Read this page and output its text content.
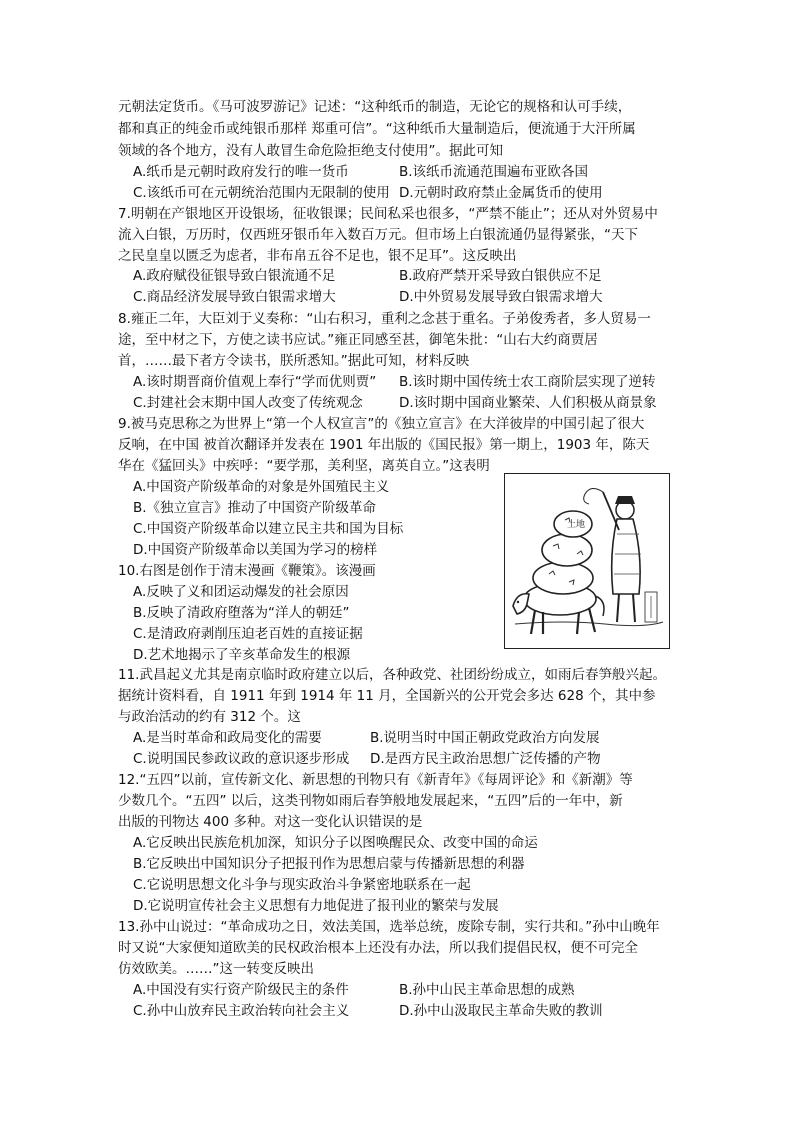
元朝法定货币。《马可波罗游记》记述：“这种纸币的制造，无论它的规格和认可手续，
都和真正的纯金币或纯银币那样 郑重可信”。“这种纸币大量制造后，便流通于大汗所属
领域的各个地方，没有人敢冒生命危险拒绝支付使用”。据此可知
A.纸币是元朝时政府发行的唯一货币	B.该纸币流通范围遍布亚欧各国
C.该纸币可在元朝统治范围内无限制的使用 D.元朝时政府禁止金属货币的使用
7.明朝在产银地区开设银场，征收银课；民间私采也很多，“严禁不能止”；还从对外贸易中
流入白银，万历时，仅西班牙银币年入数百万元。但市场上白银流通仍显得紧张，“天下
之民皇皇以匮乏为虑者，非布帛五谷不足也，银不足耳”。这反映出
A.政府赋役征银导致白银流通不足	B.政府严禁开采导致白银供应不足
C.商品经济发展导致白银需求增大	D.中外贸易发展导致白银需求增大
8.雍正二年，大臣刘于义奏称：“山右积习，重利之念甚于重名。子弟俊秀者，多人贸易一
途，至中材之下，方使之读书应试。”雍正同感至甚，御笔朱批：“山右大约商贾居
首，……最下者方令读书，朕所悉知。”据此可知，材料反映
A.该时期晋商价值观上奉行“学而优则贾” B.该时期中国传统士农工商阶层实现了逆转
C.封建社会末期中国人改变了传统观念	D.该时期中国商业繁荣、人们积极从商景象
9.被马克思称之为世界上“第一个人权宣言”的《独立宣言》在大洋彼岸的中国引起了很大
反响，在中国 被首次翻译并发表在 1901 年出版的《国民报》第一期上，1903 年，陈天
华在《猛回头》中疾呼：“要学那，美利坚，离英自立。”这表明
A.中国资产阶级革命的对象是外国殖民主义
B.《独立宣言》推动了中国资产阶级革命
C.中国资产阶级革命以建立民主共和国为目标
D.中国资产阶级革命以美国为学习的榜样
10.右图是创作于清末漫画《鞭策》。该漫画
A.反映了义和团运动爆发的社会原因
B.反映了清政府堕落为“洋人的朝廷”
C.是清政府剥削压迫老百姓的直接证据
D.艺术地揭示了辛亥革命发生的根源
土地
11.武昌起义尤其是南京临时政府建立以后，各种政党、社团纷纷成立，如雨后春笋般兴起。
据统计资料看，自 1911 年到 1914 年 11 月，全国新兴的公开党会多达 628 个，其中参
与政治活动的约有 312 个。这
A.是当时革命和政局变化的需要	B.说明当时中国正朝政党政治方向发展
C.说明国民参政议政的意识逐步形成 D.是西方民主政治思想广泛传播的产物
12.“五四”以前，宣传新文化、新思想的刊物只有《新青年》《每周评论》和《新潮》等
少数几个。“五四” 以后，这类刊物如雨后春笋般地发展起来，“五四”后的一年中，新
出版的刊物达 400 多种。对这一变化认识错误的是
A.它反映出民族危机加深，知识分子以图唤醒民众、改变中国的命运
B.它反映出中国知识分子把报刊作为思想启蒙与传播新思想的利器
C.它说明思想文化斗争与现实政治斗争紧密地联系在一起
D.它说明宣传社会主义思想有力地促进了报刊业的繁荣与发展
13.孙中山说过：“革命成功之日，效法美国，选举总统，废除专制，实行共和。”孙中山晚年
时又说“大家便知道欧美的民权政治根本上还没有办法，所以我们提倡民权，便不可完全
仿效欧美。……”这一转变反映出
A.中国没有实行资产阶级民主的条件	B.孙中山民主革命思想的成熟
C.孙中山放弃民主政治转向社会主义	D.孙中山汲取民主革命失败的教训
